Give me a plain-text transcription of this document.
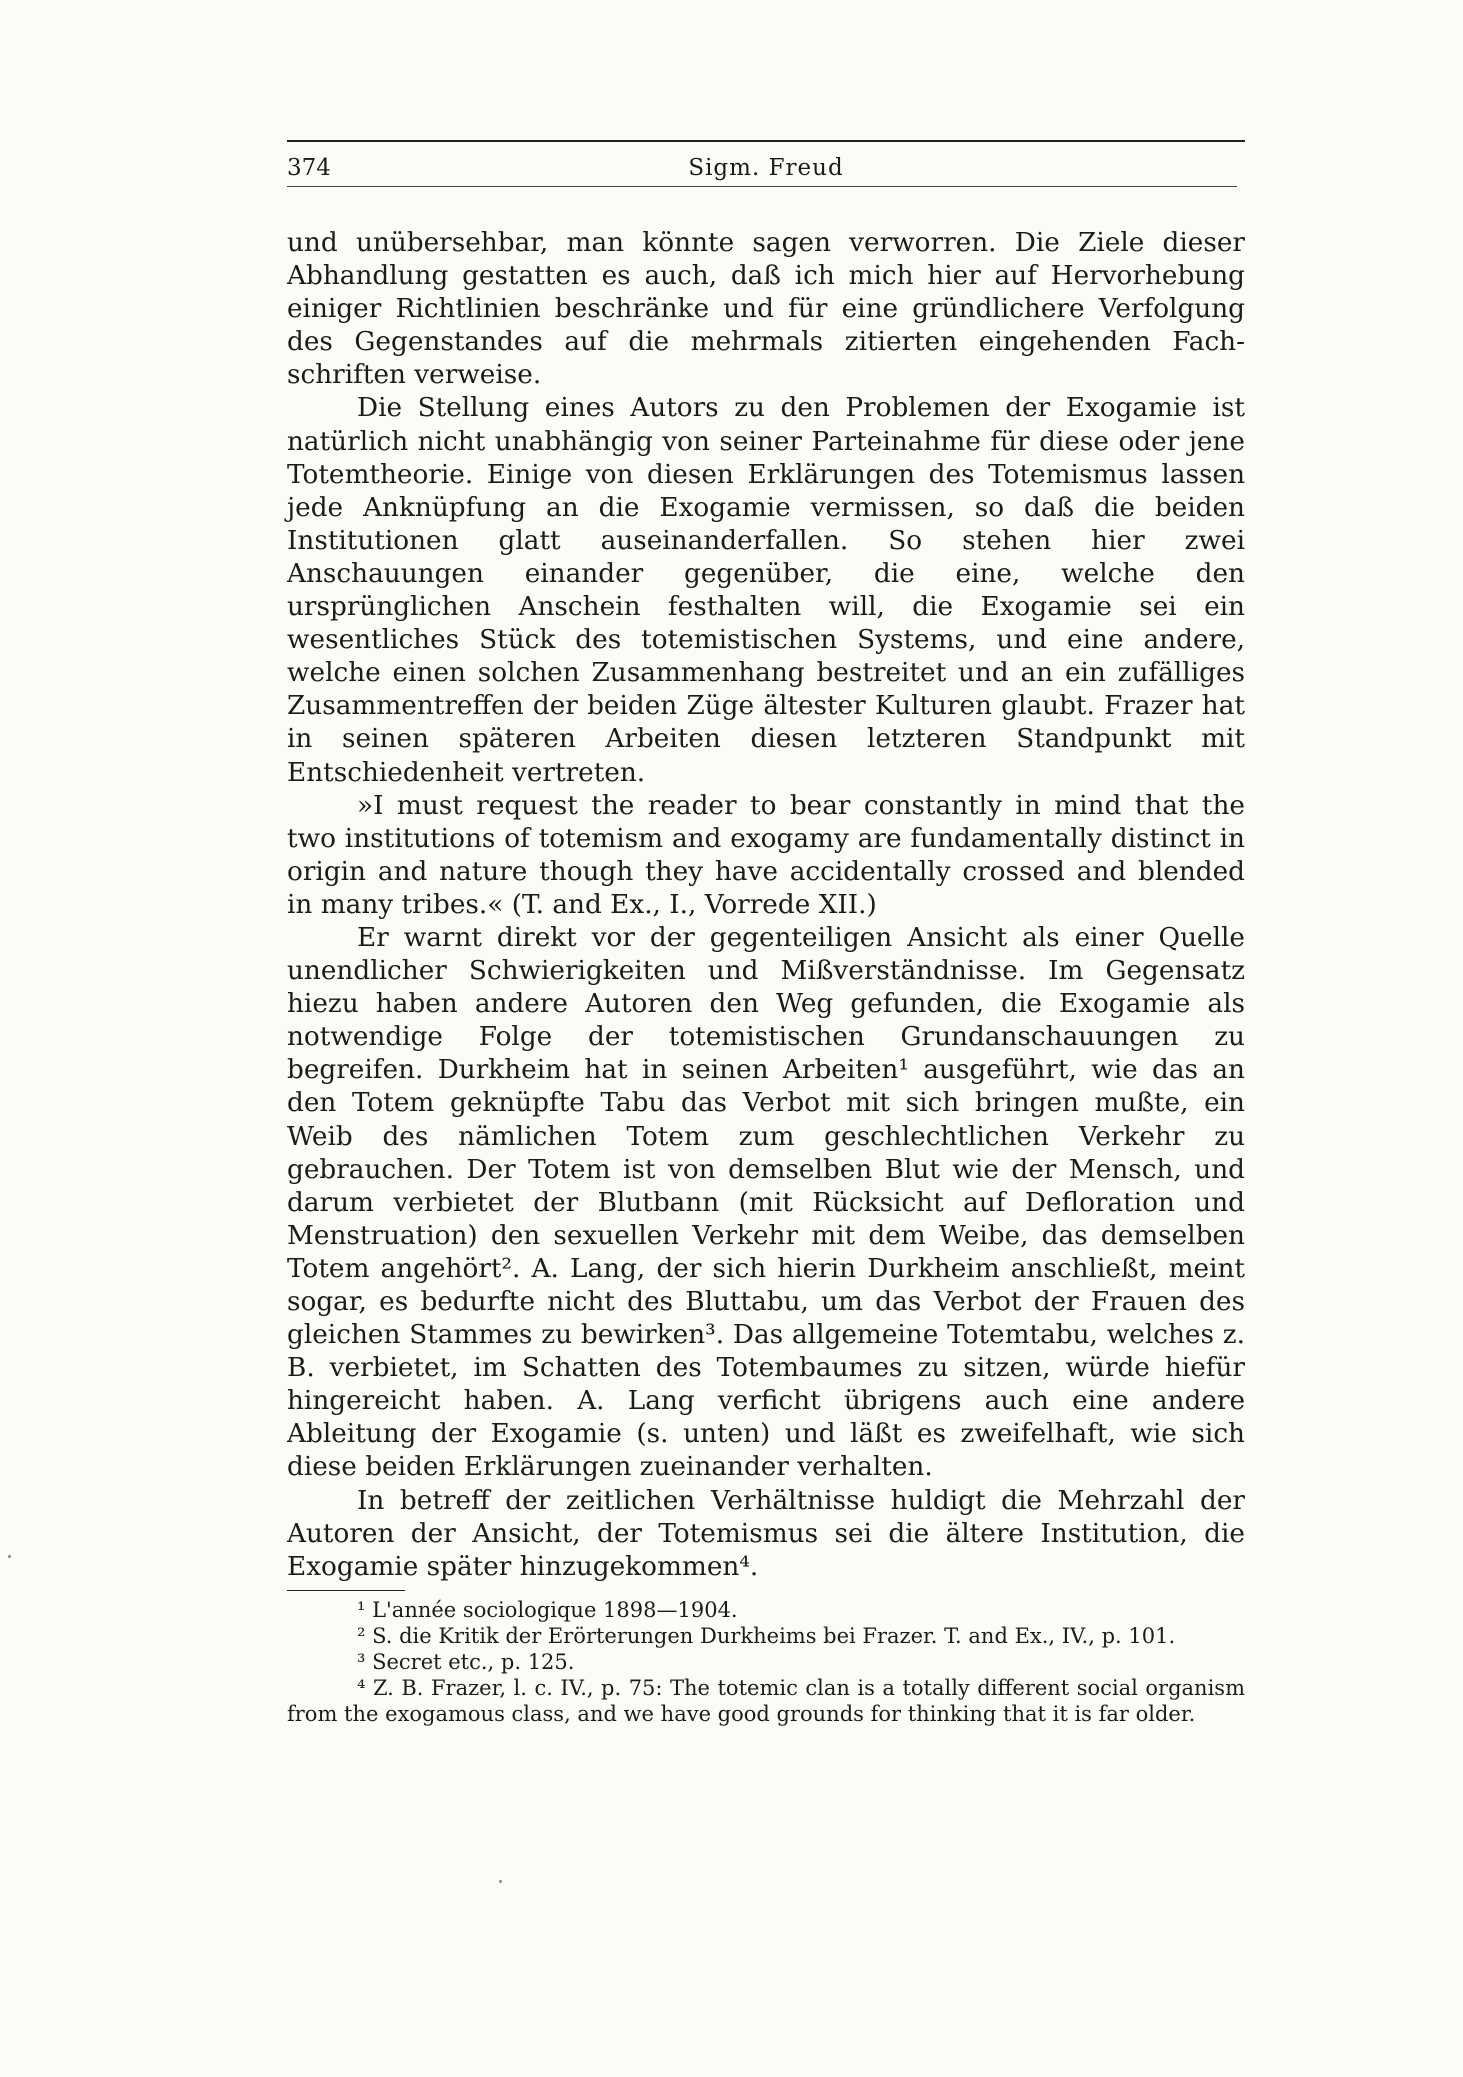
374	Sigm. Freud

und unübersehbar, man könnte sagen verworren. Die Ziele dieser Abhandlung gestatten es auch, daß ich mich hier auf Hervorhebung einiger Richtlinien beschränke und für eine gründlichere Verfolgung des Gegenstandes auf die mehrmals zitierten eingehenden Fach-schriften verweise.

Die Stellung eines Autors zu den Problemen der Exogamie ist natürlich nicht unabhängig von seiner Parteinahme für diese oder jene Totemtheorie. Einige von diesen Erklärungen des Totemismus lassen jede Anknüpfung an die Exogamie vermissen, so daß die beiden Institutionen glatt auseinanderfallen. So stehen hier zwei Anschauungen einander gegenüber, die eine, welche den ursprünglichen Anschein festhalten will, die Exogamie sei ein wesentliches Stück des totemistischen Systems, und eine andere, welche einen solchen Zusammenhang bestreitet und an ein zufälliges Zusammentreffen der beiden Züge ältester Kulturen glaubt. Frazer hat in seinen späteren Arbeiten diesen letzteren Standpunkt mit Entschiedenheit vertreten.

»I must request the reader to bear constantly in mind that the two institutions of totemism and exogamy are fundamentally distinct in origin and nature though they have accidentally crossed and blended in many tribes.« (T. and Ex., I., Vorrede XII.)

Er warnt direkt vor der gegenteiligen Ansicht als einer Quelle unendlicher Schwierigkeiten und Mißverständnisse. Im Gegensatz hiezu haben andere Autoren den Weg gefunden, die Exogamie als notwendige Folge der totemistischen Grundanschauungen zu begreifen. Durkheim hat in seinen Arbeiten¹ ausgeführt, wie das an den Totem geknüpfte Tabu das Verbot mit sich bringen mußte, ein Weib des nämlichen Totem zum geschlechtlichen Verkehr zu gebrauchen. Der Totem ist von demselben Blut wie der Mensch, und darum verbietet der Blutbann (mit Rücksicht auf Defloration und Menstruation) den sexuellen Verkehr mit dem Weibe, das demselben Totem angehört². A. Lang, der sich hierin Durkheim anschließt, meint sogar, es bedurfte nicht des Bluttabu, um das Verbot der Frauen des gleichen Stammes zu bewirken³. Das allgemeine Totemtabu, welches z. B. verbietet, im Schatten des Totembaumes zu sitzen, würde hiefür hingereicht haben. A. Lang verficht übrigens auch eine andere Ableitung der Exogamie (s. unten) und läßt es zweifelhaft, wie sich diese beiden Erklärungen zueinander verhalten.

In betreff der zeitlichen Verhältnisse huldigt die Mehrzahl der Autoren der Ansicht, der Totemismus sei die ältere Institution, die Exogamie später hinzugekommen⁴.

¹ L'année sociologique 1898—1904.

² S. die Kritik der Erörterungen Durkheims bei Frazer. T. and Ex., IV., p. 101.

³ Secret etc., p. 125.

⁴ Z. B. Frazer, l. c. IV., p. 75: The totemic clan is a totally different social organism from the exogamous class, and we have good grounds for thinking that it is far older.
